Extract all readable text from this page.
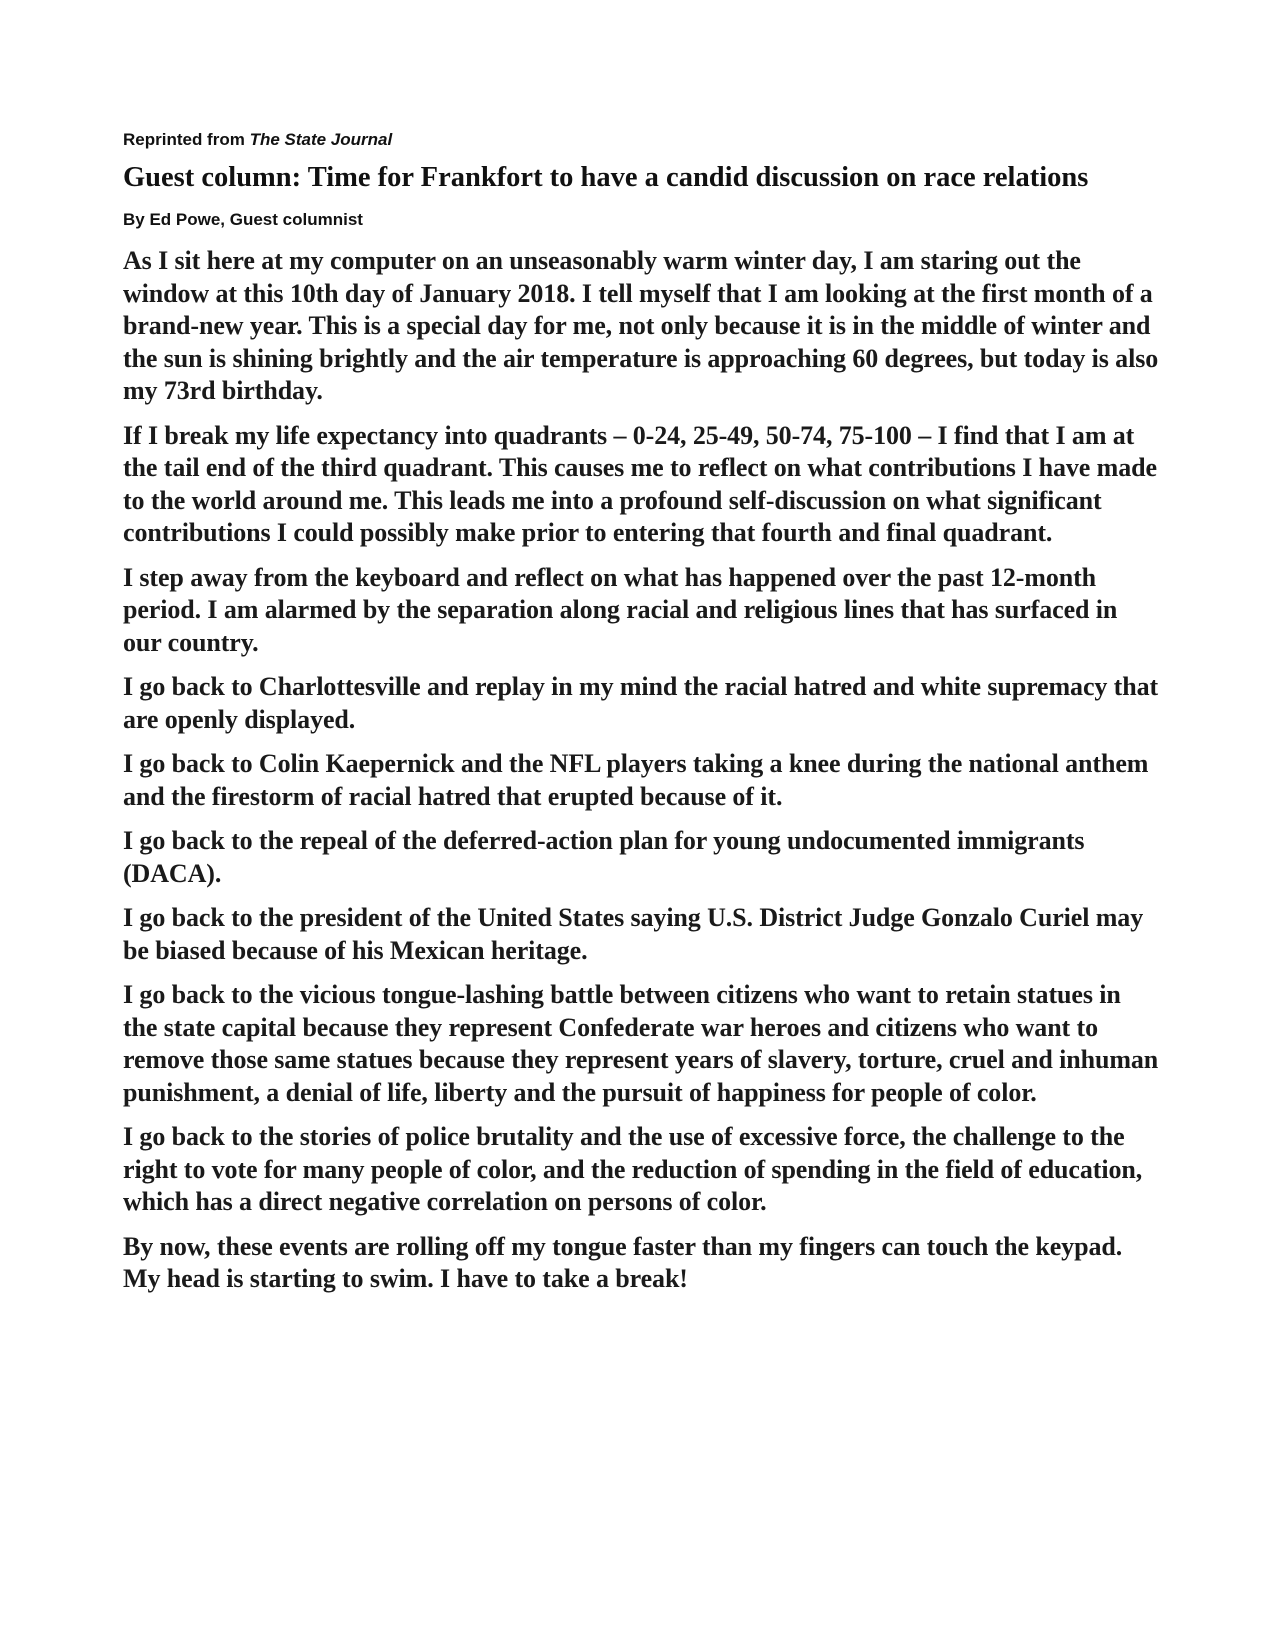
Reprinted from The State Journal
Guest column: Time for Frankfort to have a candid discussion on race relations
By Ed Powe, Guest columnist

As I sit here at my computer on an unseasonably warm winter day, I am staring out the window at this 10th day of January 2018. I tell myself that I am looking at the first month of a brand-new year. This is a special day for me, not only because it is in the middle of winter and the sun is shining brightly and the air temperature is approaching 60 degrees, but today is also my 73rd birthday.

If I break my life expectancy into quadrants – 0-24, 25-49, 50-74, 75-100 – I find that I am at the tail end of the third quadrant. This causes me to reflect on what contributions I have made to the world around me. This leads me into a profound self-discussion on what significant contributions I could possibly make prior to entering that fourth and final quadrant.

I step away from the keyboard and reflect on what has happened over the past 12-month period. I am alarmed by the separation along racial and religious lines that has surfaced in our country.

I go back to Charlottesville and replay in my mind the racial hatred and white supremacy that are openly displayed.

I go back to Colin Kaepernick and the NFL players taking a knee during the national anthem and the firestorm of racial hatred that erupted because of it.

I go back to the repeal of the deferred-action plan for young undocumented immigrants (DACA).

I go back to the president of the United States saying U.S. District Judge Gonzalo Curiel may be biased because of his Mexican heritage.

I go back to the vicious tongue-lashing battle between citizens who want to retain statues in the state capital because they represent Confederate war heroes and citizens who want to remove those same statues because they represent years of slavery, torture, cruel and inhuman punishment, a denial of life, liberty and the pursuit of happiness for people of color.

I go back to the stories of police brutality and the use of excessive force, the challenge to the right to vote for many people of color, and the reduction of spending in the field of education, which has a direct negative correlation on persons of color.

By now, these events are rolling off my tongue faster than my fingers can touch the keypad. My head is starting to swim. I have to take a break!
